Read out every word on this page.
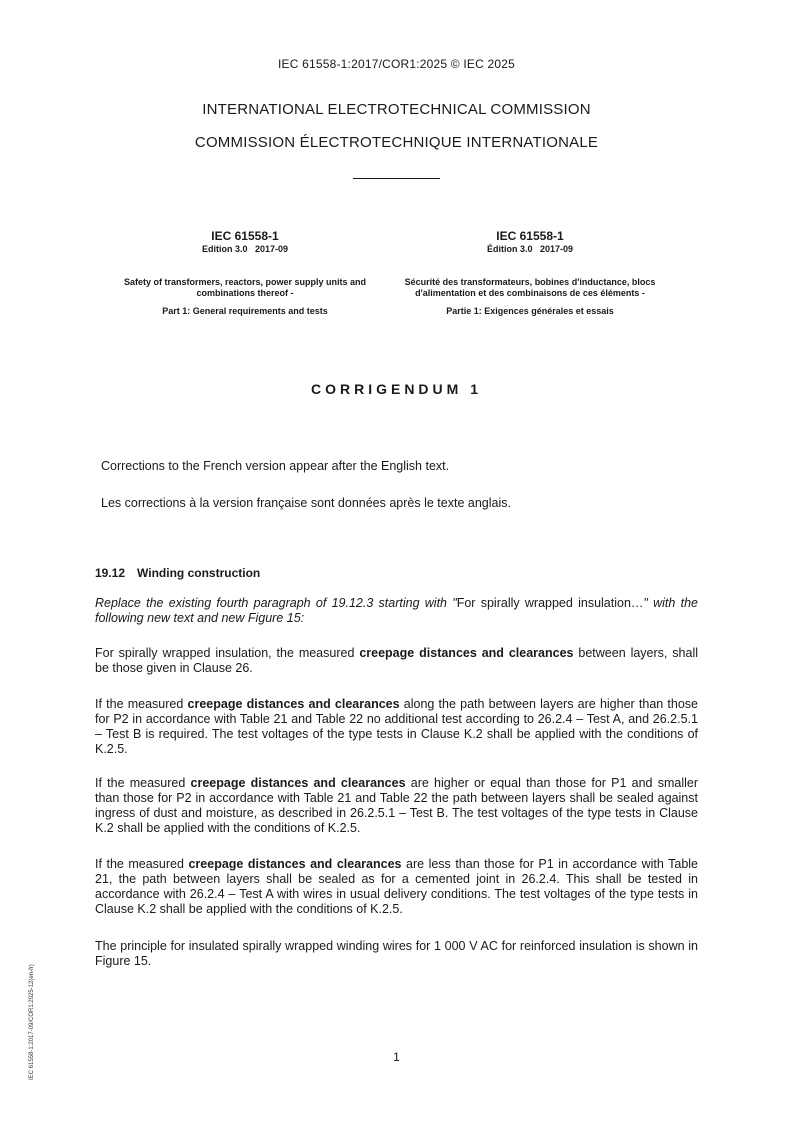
IEC 61558-1:2017/COR1:2025 © IEC 2025
INTERNATIONAL ELECTROTECHNICAL COMMISSION
COMMISSION ÉLECTROTECHNIQUE INTERNATIONALE
IEC 61558-1
Edition 3.0   2017-09
Safety of transformers, reactors, power supply units and combinations thereof -
Part 1: General requirements and tests
IEC 61558-1
Édition 3.0   2017-09
Sécurité des transformateurs, bobines d'inductance, blocs d'alimentation et des combinaisons de ces éléments -
Partie 1: Exigences générales et essais
CORRIGENDUM 1
Corrections to the French version appear after the English text.
Les corrections à la version française sont données après le texte anglais.
19.12 Winding construction

Replace the existing fourth paragraph of 19.12.3 starting with "For spirally wrapped insulation…" with the following new text and new Figure 15:

For spirally wrapped insulation, the measured creepage distances and clearances between layers, shall be those given in Clause 26.

If the measured creepage distances and clearances along the path between layers are higher than those for P2 in accordance with Table 21 and Table 22 no additional test according to 26.2.4 – Test A, and 26.2.5.1 – Test B is required. The test voltages of the type tests in Clause K.2 shall be applied with the conditions of K.2.5.

If the measured creepage distances and clearances are higher or equal than those for P1 and smaller than those for P2 in accordance with Table 21 and Table 22 the path between layers shall be sealed against ingress of dust and moisture, as described in 26.2.5.1 – Test B. The test voltages of the type tests in Clause K.2 shall be applied with the conditions of K.2.5.

If the measured creepage distances and clearances are less than those for P1 in accordance with Table 21, the path between layers shall be sealed as for a cemented joint in 26.2.4. This shall be tested in accordance with 26.2.4 – Test A with wires in usual delivery conditions. The test voltages of the type tests in Clause K.2 shall be applied with the conditions of K.2.5.

The principle for insulated spirally wrapped winding wires for 1 000 V AC for reinforced insulation is shown in Figure 15.

IEC 61558-1:2017-09/COR1:2025-12(en-fr)	1
